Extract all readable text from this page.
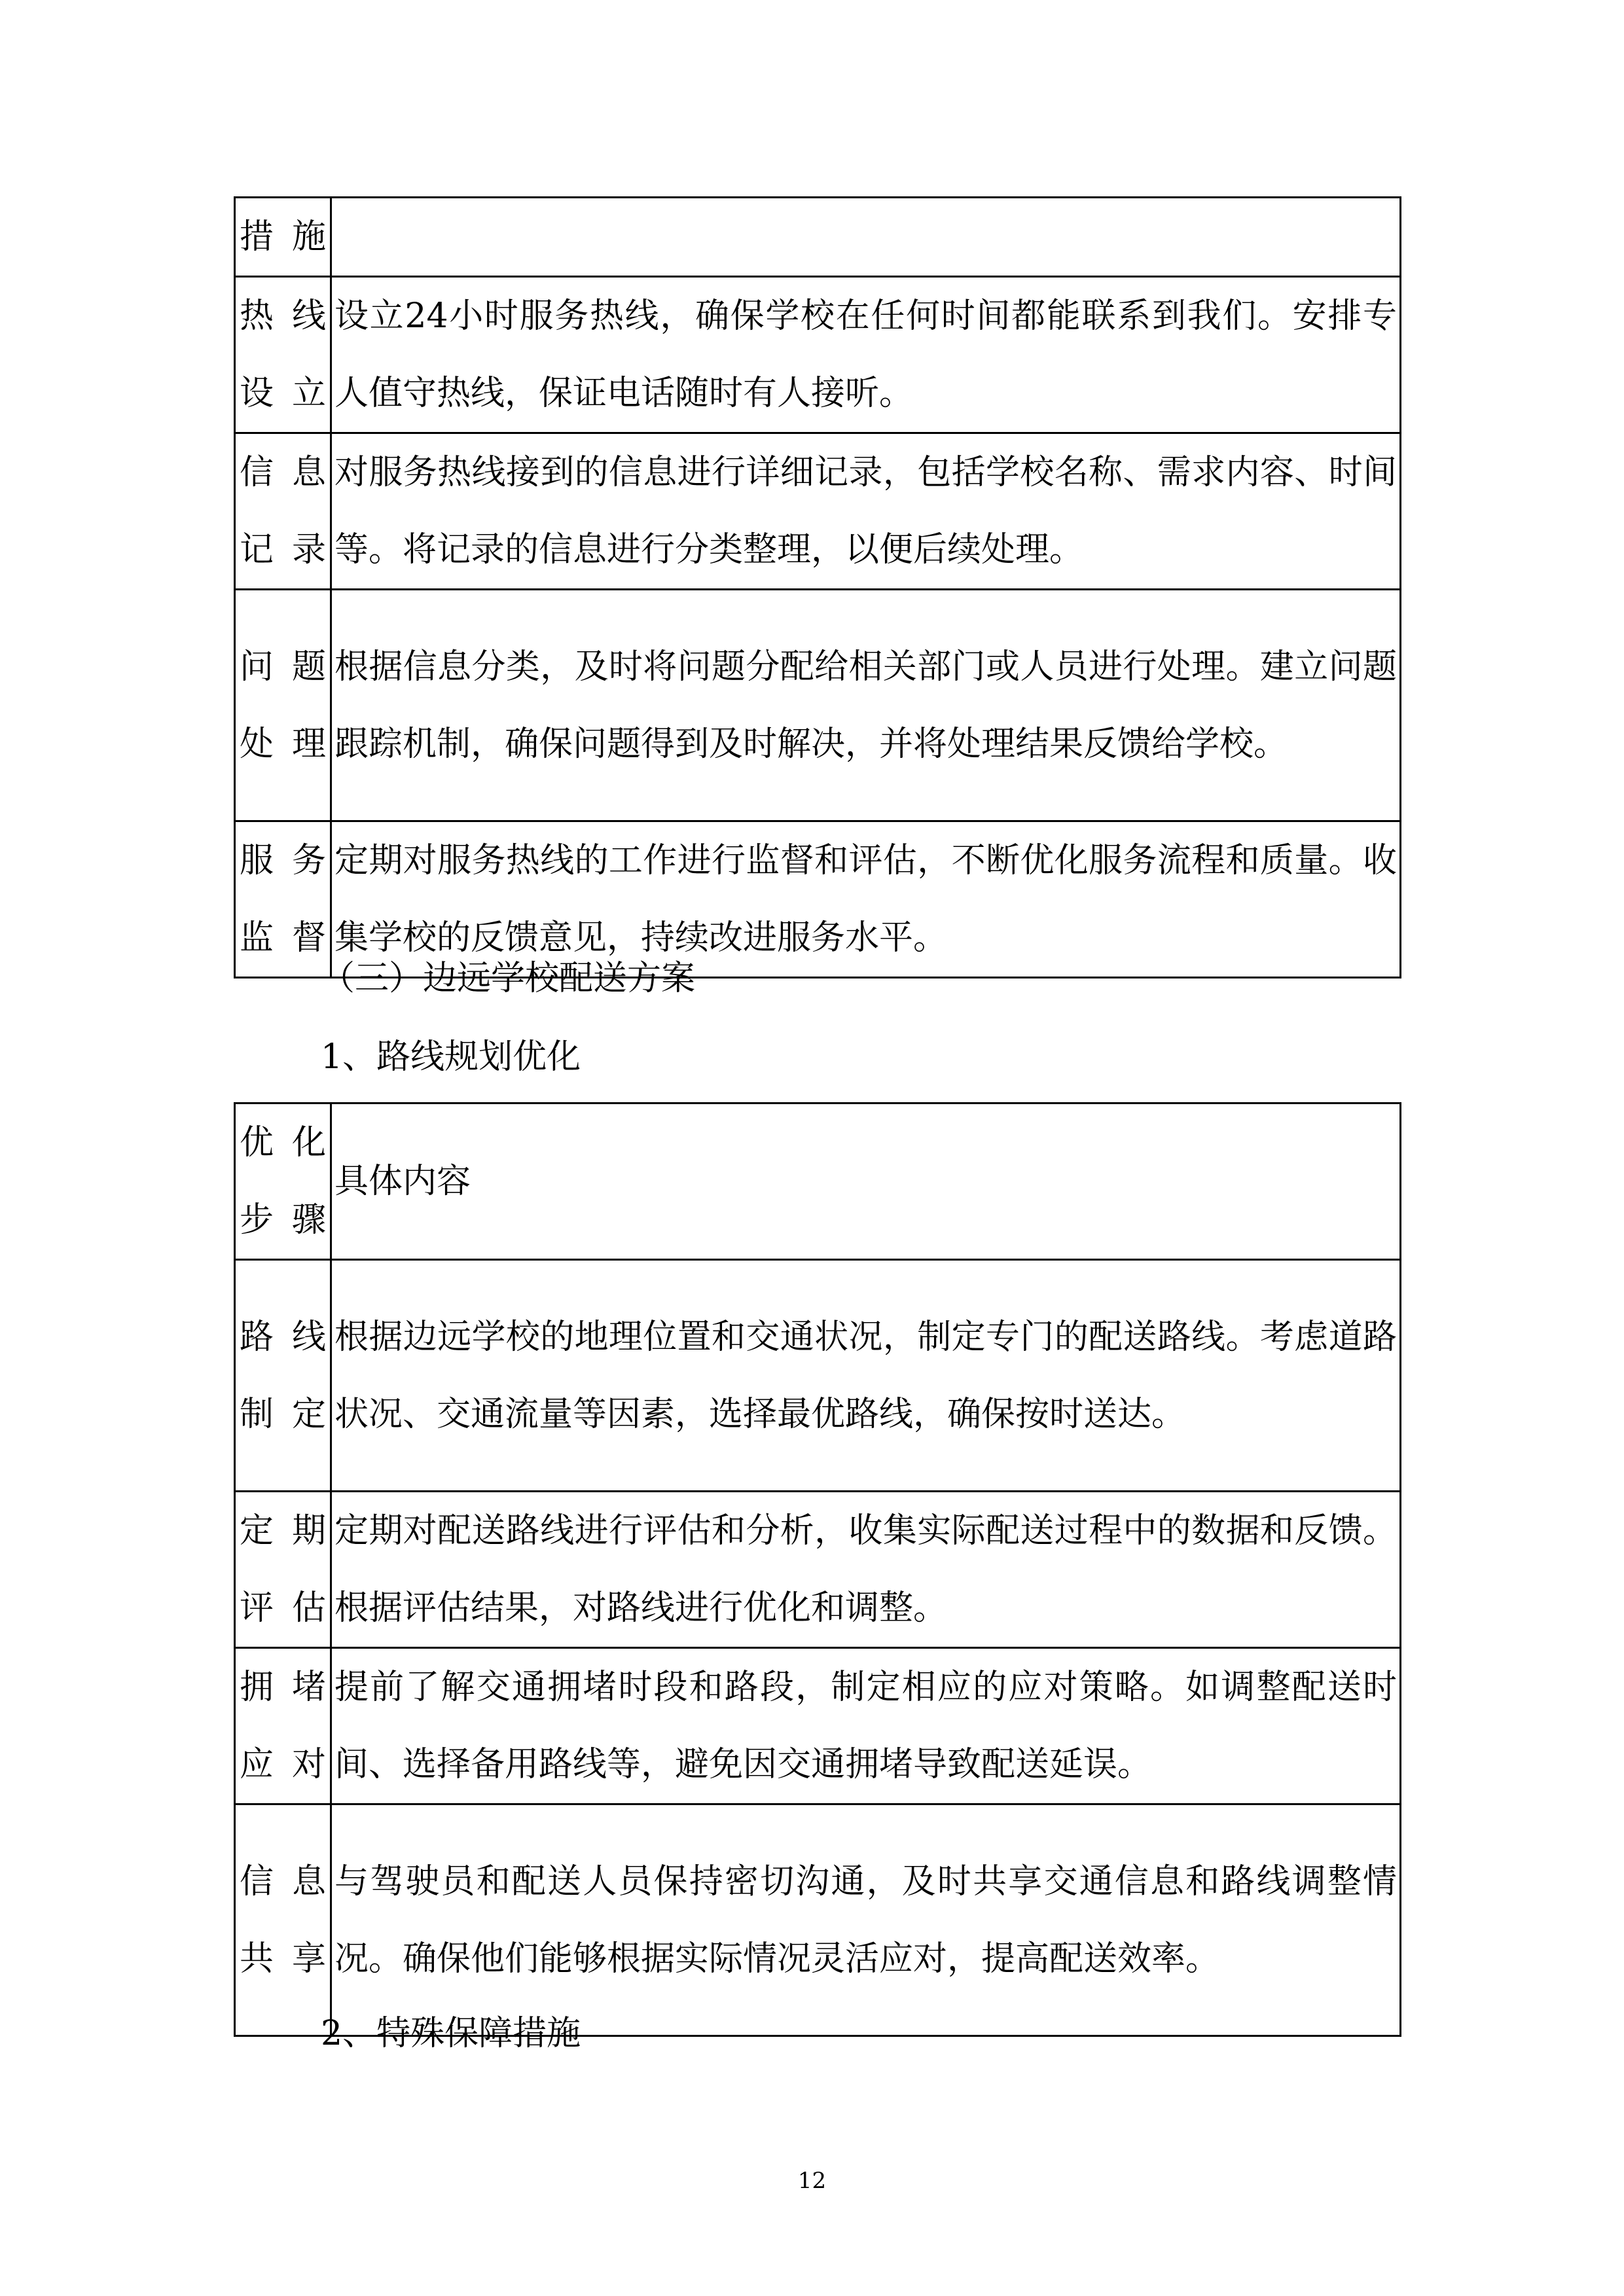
措施	
热线设立	设立24小时服务热线，确保学校在任何时间都能联系到我们。安排专人值守热线，保证电话随时有人接听。
信息记录	对服务热线接到的信息进行详细记录，包括学校名称、需求内容、时间等。将记录的信息进行分类整理，以便后续处理。
问题处理	根据信息分类，及时将问题分配给相关部门或人员进行处理。建立问题跟踪机制，确保问题得到及时解决，并将处理结果反馈给学校。
服务监督	定期对服务热线的工作进行监督和评估，不断优化服务流程和质量。收集学校的反馈意见，持续改进服务水平。
（三）边远学校配送方案
1、路线规划优化
优化步骤	具体内容
路线制定	根据边远学校的地理位置和交通状况，制定专门的配送路线。考虑道路状况、交通流量等因素，选择最优路线，确保按时送达。
定期评估	定期对配送路线进行评估和分析，收集实际配送过程中的数据和反馈。根据评估结果，对路线进行优化和调整。
拥堵应对	提前了解交通拥堵时段和路段，制定相应的应对策略。如调整配送时间、选择备用路线等，避免因交通拥堵导致配送延误。
信息共享	与驾驶员和配送人员保持密切沟通，及时共享交通信息和路线调整情况。确保他们能够根据实际情况灵活应对，提高配送效率。
2、特殊保障措施
12
